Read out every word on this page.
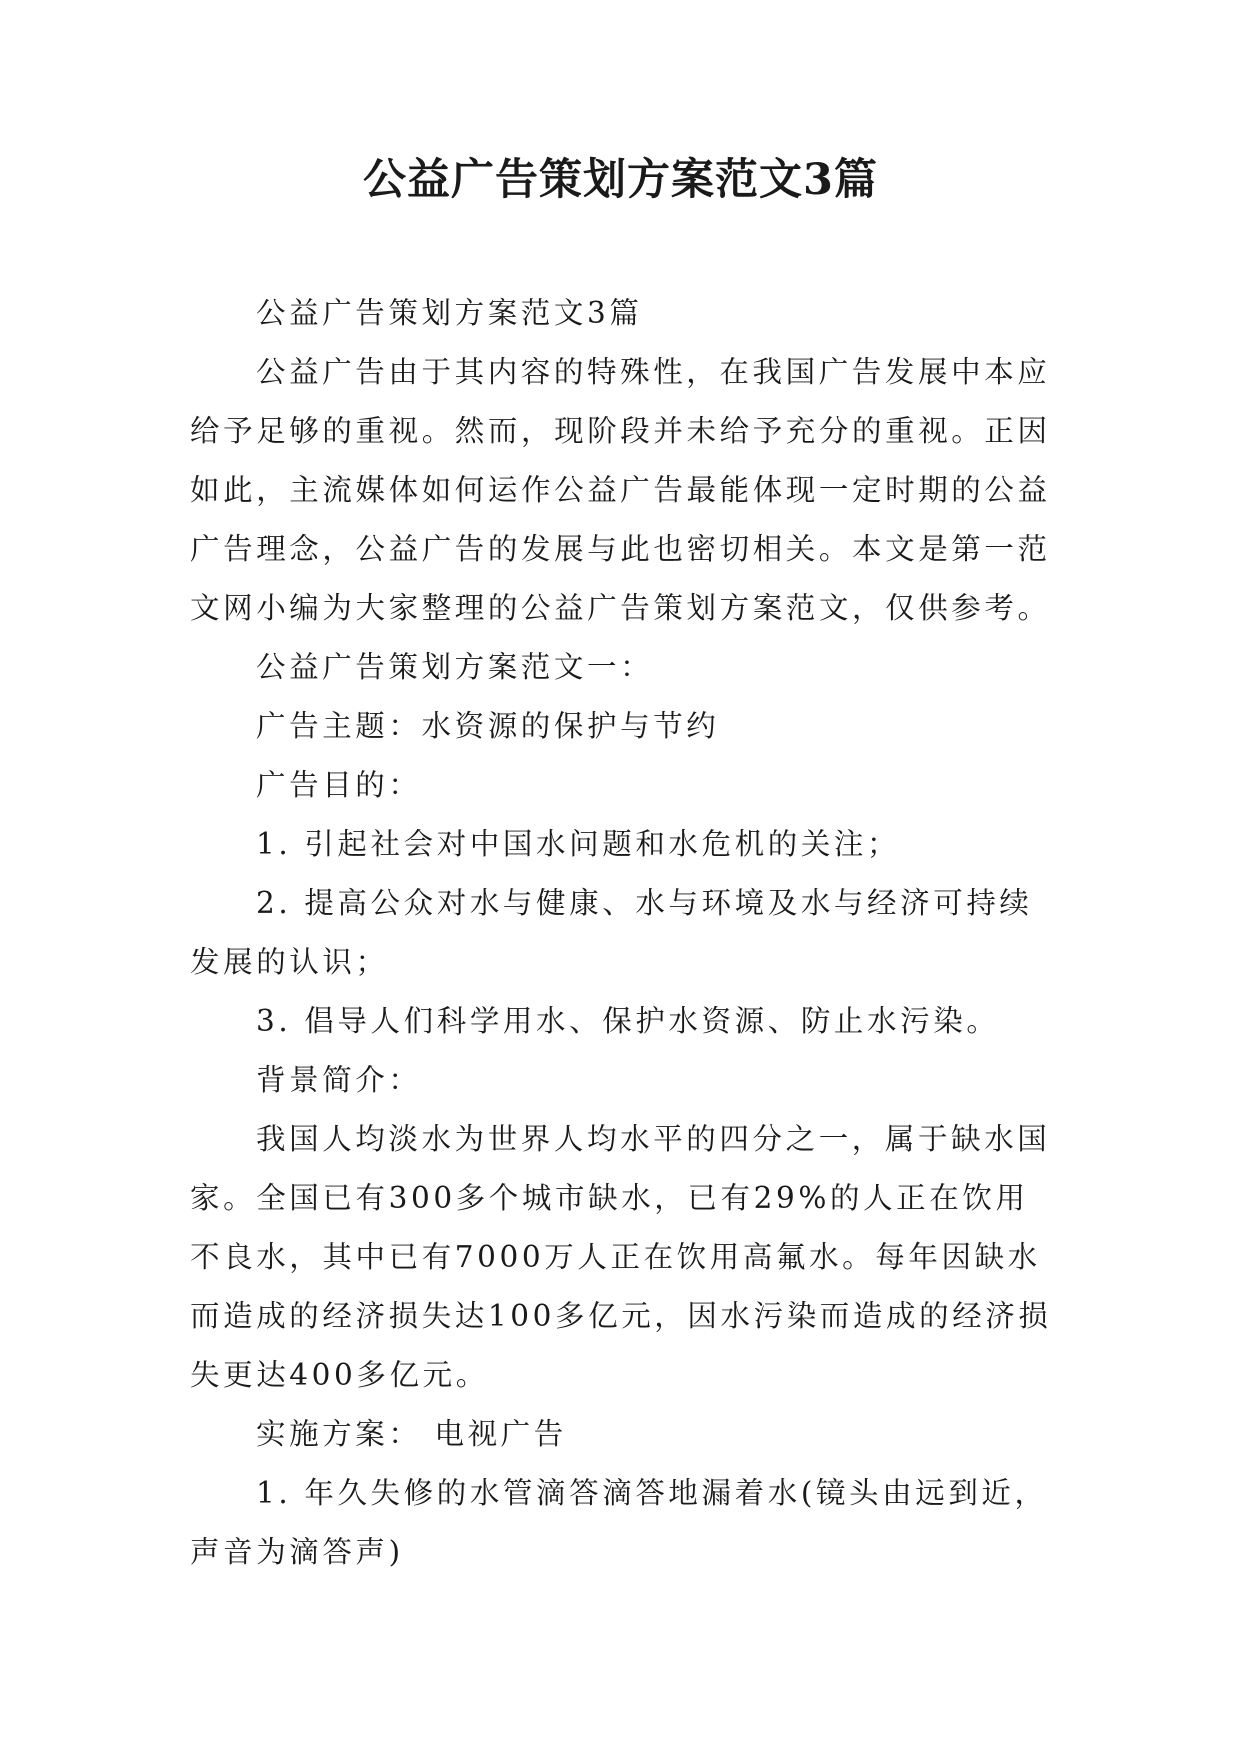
公益广告策划方案范文3篇

公益广告策划方案范文3篇

公益广告由于其内容的特殊性，在我国广告发展中本应给予足够的重视。然而，现阶段并未给予充分的重视。正因如此，主流媒体如何运作公益广告最能体现一定时期的公益广告理念，公益广告的发展与此也密切相关。本文是第一范文网小编为大家整理的公益广告策划方案范文，仅供参考。

公益广告策划方案范文一：

广告主题：水资源的保护与节约

广告目的：

1. 引起社会对中国水问题和水危机的关注；

2. 提高公众对水与健康、水与环境及水与经济可持续发展的认识；

3. 倡导人们科学用水、保护水资源、防止水污染。

背景简介：

我国人均淡水为世界人均水平的四分之一，属于缺水国家。全国已有300多个城市缺水，已有29%的人正在饮用不良水，其中已有7000万人正在饮用高氟水。每年因缺水而造成的经济损失达100多亿元，因水污染而造成的经济损失更达400多亿元。

实施方案： 电视广告

1. 年久失修的水管滴答滴答地漏着水(镜头由远到近，声音为滴答声)
